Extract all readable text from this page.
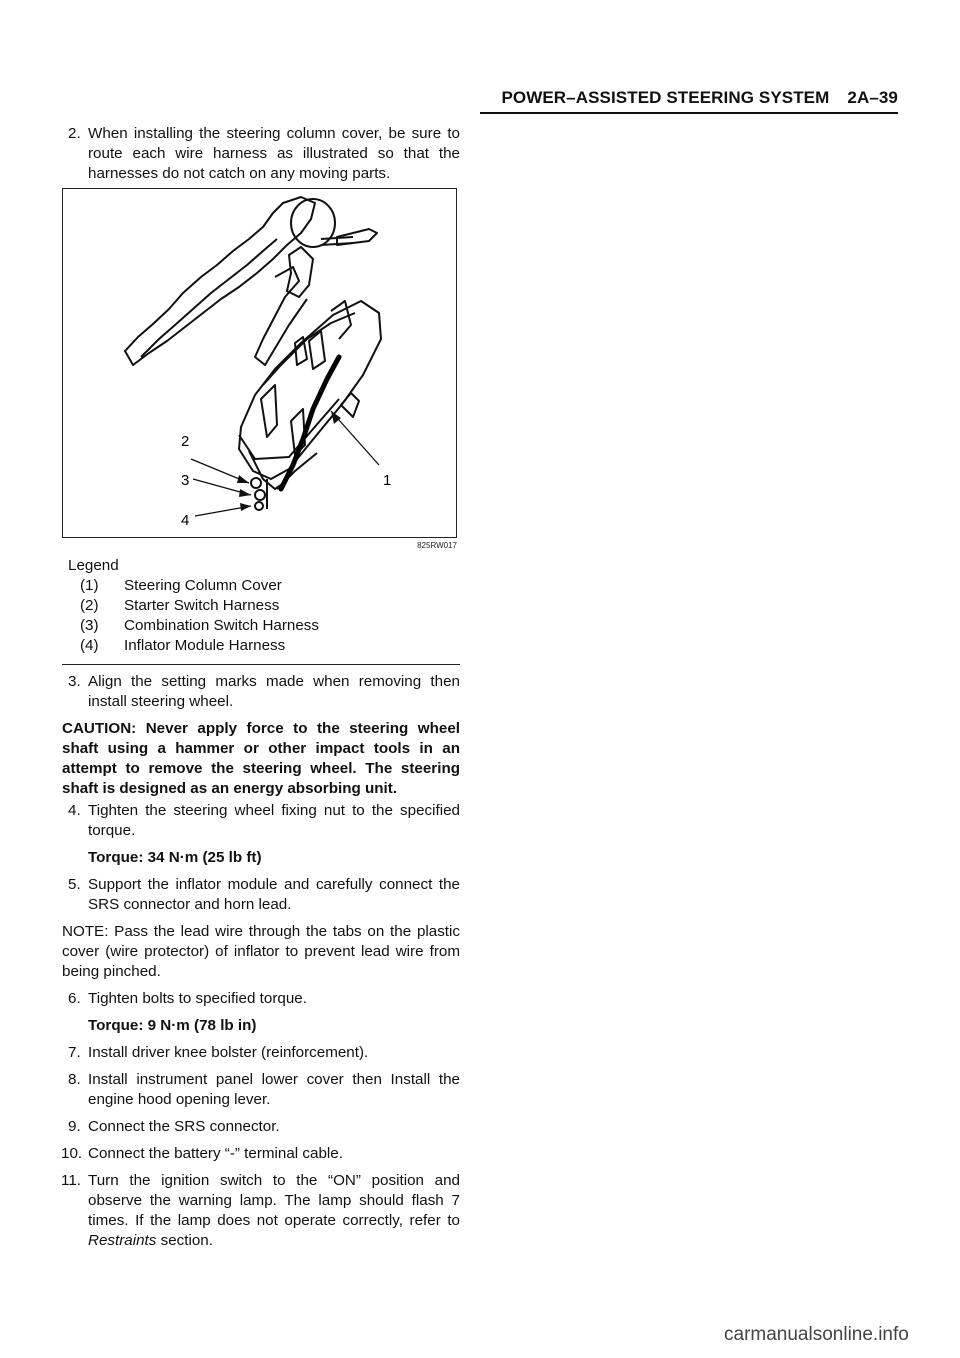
POWER–ASSISTED STEERING SYSTEM 2A–39

2. When installing the steering column cover, be sure to route each wire harness as illustrated so that the harnesses do not catch on any moving parts.

1
2
3
4
825RW017
Legend
(1)	Steering Column Cover
(2)	Starter Switch Harness
(3)	Combination Switch Harness
(4)	Inflator Module Harness

3. Align the setting marks made when removing then install steering wheel.

CAUTION: Never apply force to the steering wheel shaft using a hammer or other impact tools in an attempt to remove the steering wheel. The steering shaft is designed as an energy absorbing unit.

4. Tighten the steering wheel fixing nut to the specified torque.

Torque: 34 N·m (25 lb ft)

5. Support the inflator module and carefully connect the SRS connector and horn lead.

NOTE: Pass the lead wire through the tabs on the plastic cover (wire protector) of inflator to prevent lead wire from being pinched.

6. Tighten bolts to specified torque.

Torque: 9 N·m (78 lb in)

7. Install driver knee bolster (reinforcement).

8. Install instrument panel lower cover then Install the engine hood opening lever.

9. Connect the SRS connector.

10. Connect the battery “-” terminal cable.

11. Turn the ignition switch to the “ON” position and observe the warning lamp. The lamp should flash 7 times. If the lamp does not operate correctly, refer to Restraints section.

carmanualsonline.info
